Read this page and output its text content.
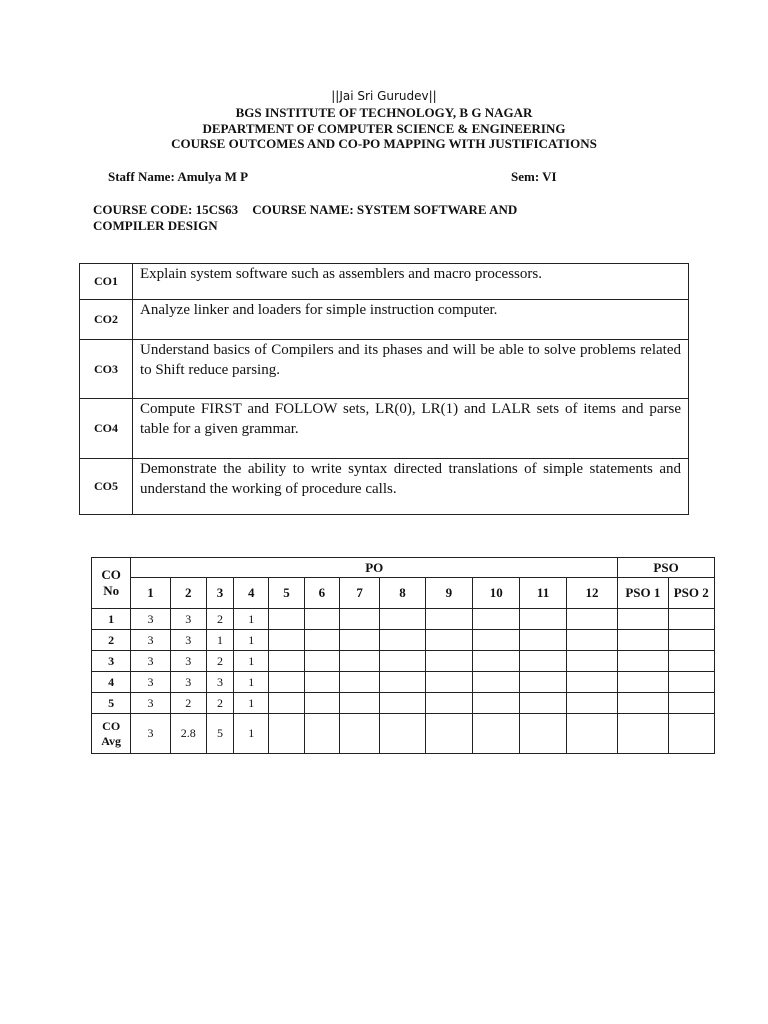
||Jai Sri Gurudev||
BGS INSTITUTE OF TECHNOLOGY, B G NAGAR
DEPARTMENT OF COMPUTER SCIENCE & ENGINEERING
COURSE OUTCOMES AND CO-PO MAPPING WITH JUSTIFICATIONS
Staff Name: Amulya M P	Sem: VI
COURSE CODE: 15CS63 COURSE NAME: SYSTEM SOFTWARE AND
COMPILER DESIGN
CO1	Explain system software such as assemblers and macro processors.
CO2	Analyze linker and loaders for simple instruction computer.
CO3	Understand basics of Compilers and its phases and will be able to solve problems related to Shift reduce parsing.
CO4	Compute FIRST and FOLLOW sets, LR(0), LR(1) and LALR sets of items and parse table for a given grammar.
CO5	Demonstrate the ability to write syntax directed translations of simple statements and understand the working of procedure calls.
CO
No	PO												PSO	
	1	2	3	4	5	6	7	8	9	10	11	12	PSO 1	PSO 2
1	3	3	2	1										
2	3	3	1	1										
3	3	3	2	1										
4	3	3	3	1										
5	3	2	2	1										
CO
Avg	3	2.8	5	1										
